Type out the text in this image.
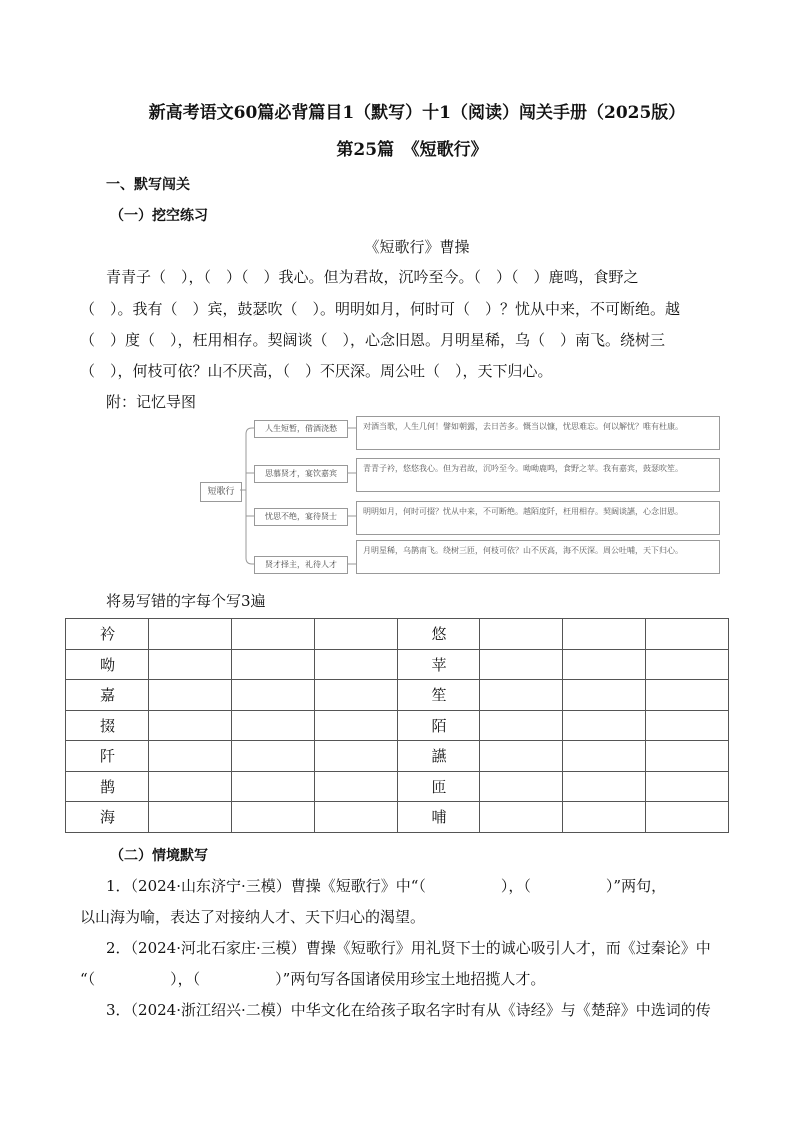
新高考语文60篇必背篇目1（默写）十1（阅读）闯关手册（2025版）
第25篇　《短歌行》
一、默写闯关
（一）挖空练习
《短歌行》曹操
青青子（　），（　）（　）我心。但为君故，沉吟至今。（　）（　）鹿鸣，食野之
（　）。我有（　）宾，鼓瑟吹（　）。明明如月，何时可（　）？忧从中来，不可断绝。越
（　）度（　），枉用相存。契阔谈（　），心念旧恩。月明星稀，乌（　）南飞。绕树三
（　），何枝可依？山不厌高，（　）不厌深。周公吐（　），天下归心。
附：记忆导图
短歌行
人生短暂，借酒浇愁	对酒当歌，人生几何！譬如朝露，去日苦多。慨当以慷，忧思难忘。何以解忧？唯有杜康。
思慕贤才，宴饮嘉宾
青青子衿，悠悠我心。但为君故，沉吟至今。呦呦鹿鸣，食野之苹。我有嘉宾，鼓瑟吹笙。
忧思不绝，宴待贤士
明明如月，何时可掇？忧从中来，不可断绝。越陌度阡，枉用相存。契阔谈讌，心念旧恩。
贤才择主，礼待人才
月明星稀，乌鹊南飞。绕树三匝，何枝可依？山不厌高，海不厌深。周公吐哺，天下归心。
将易写错的字每个写3遍
衿				悠			
呦				苹			
嘉				笙			
掇				陌			
阡				讌			
鹊				匝			
海				哺			
（二）情境默写
1．（2024·山东济宁·三模）曹操《短歌行》中“（　　　　　），（　　　　　）”两句，
以山海为喻，表达了对接纳人才、天下归心的渴望。
2．（2024·河北石家庄·三模）曹操《短歌行》用礼贤下士的诚心吸引人才，而《过秦论》中
“（　　　　　），（　　　　　）”两句写各国诸侯用珍宝土地招揽人才。
3．（2024·浙江绍兴·二模）中华文化在给孩子取名字时有从《诗经》与《楚辞》中选词的传
